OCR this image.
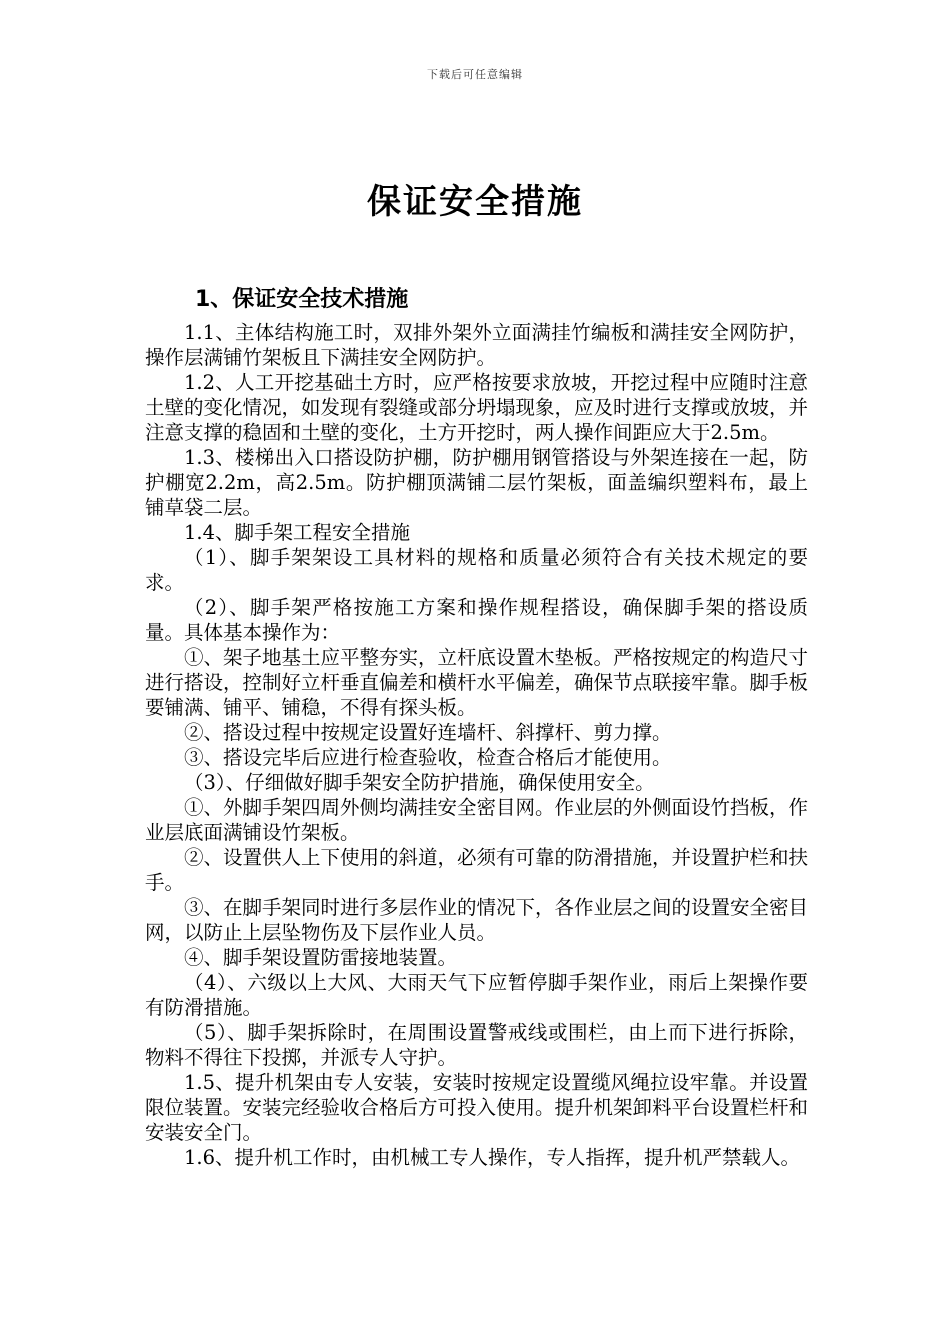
下载后可任意编辑
保证安全措施
1、保证安全技术措施

1.1、主体结构施工时，双排外架外立面满挂竹编板和满挂安全网防护，操作层满铺竹架板且下满挂安全网防护。

1.2、人工开挖基础土方时，应严格按要求放坡，开挖过程中应随时注意土壁的变化情况，如发现有裂缝或部分坍塌现象，应及时进行支撑或放坡，并注意支撑的稳固和土壁的变化，土方开挖时，两人操作间距应大于2.5m。

1.3、楼梯出入口搭设防护棚，防护棚用钢管搭设与外架连接在一起，防护棚宽2.2m，高2.5m。防护棚顶满铺二层竹架板，面盖编织塑料布，最上铺草袋二层。

1.4、脚手架工程安全措施

（1）、脚手架架设工具材料的规格和质量必须符合有关技术规定的要求。

（2）、脚手架严格按施工方案和操作规程搭设，确保脚手架的搭设质量。具体基本操作为：

①、架子地基土应平整夯实，立杆底设置木垫板。严格按规定的构造尺寸进行搭设，控制好立杆垂直偏差和横杆水平偏差，确保节点联接牢靠。脚手板要铺满、铺平、铺稳，不得有探头板。

②、搭设过程中按规定设置好连墙杆、斜撑杆、剪力撑。

③、搭设完毕后应进行检查验收，检查合格后才能使用。

（3）、仔细做好脚手架安全防护措施，确保使用安全。

①、外脚手架四周外侧均满挂安全密目网。作业层的外侧面设竹挡板，作业层底面满铺设竹架板。

②、设置供人上下使用的斜道，必须有可靠的防滑措施，并设置护栏和扶手。

③、在脚手架同时进行多层作业的情况下，各作业层之间的设置安全密目网，以防止上层坠物伤及下层作业人员。

④、脚手架设置防雷接地装置。

（4）、六级以上大风、大雨天气下应暂停脚手架作业，雨后上架操作要有防滑措施。

（5）、脚手架拆除时，在周围设置警戒线或围栏，由上而下进行拆除，物料不得往下投掷，并派专人守护。

1.5、提升机架由专人安装，安装时按规定设置缆风绳拉设牢靠。并设置限位装置。安装完经验收合格后方可投入使用。提升机架卸料平台设置栏杆和安装安全门。

1.6、提升机工作时，由机械工专人操作，专人指挥，提升机严禁载人。
